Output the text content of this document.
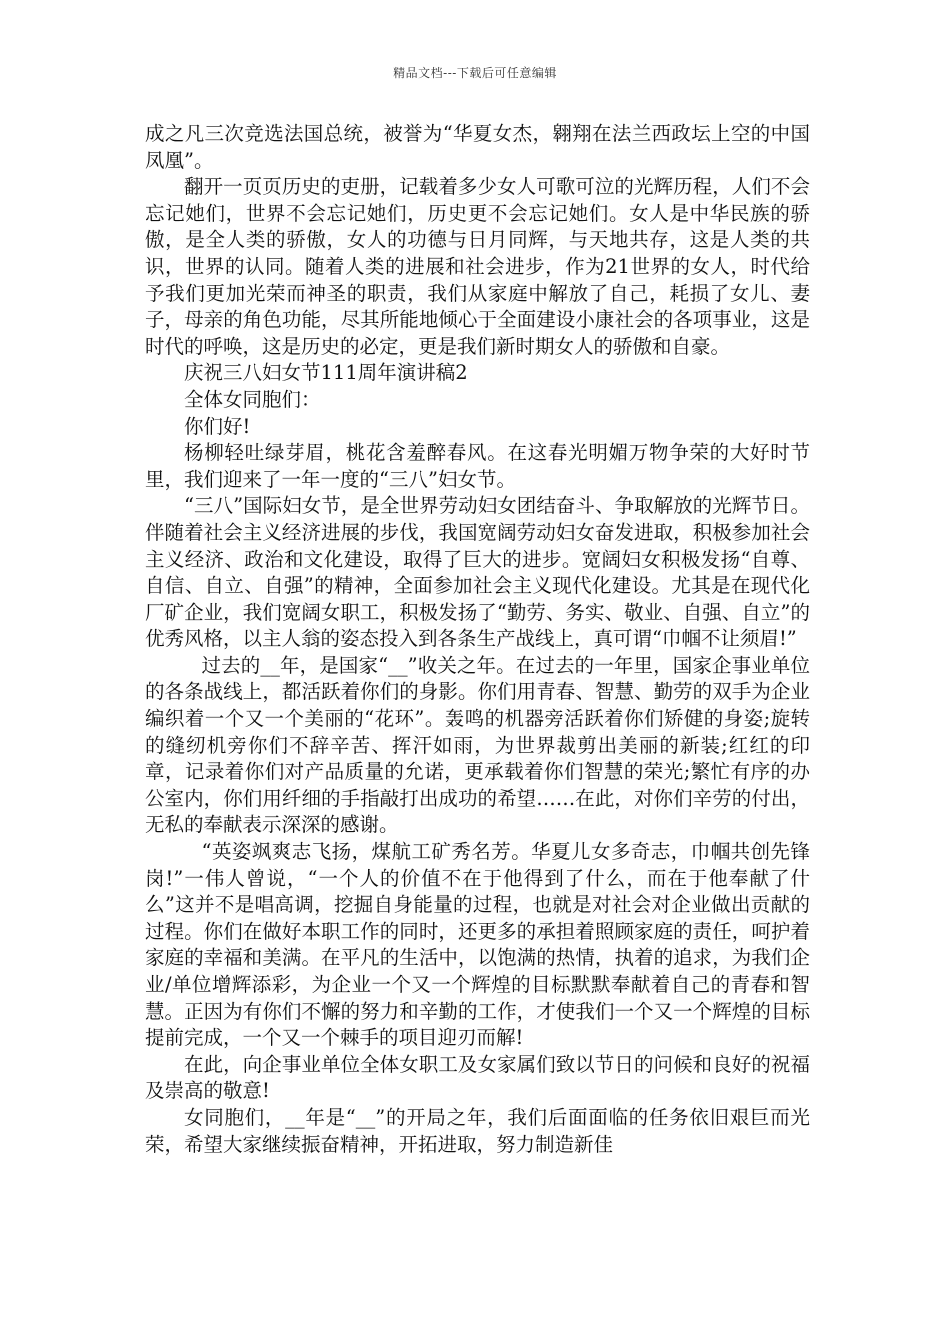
精品文档---下载后可任意编辑

成之凡三次竞选法国总统，被誉为“华夏女杰，翱翔在法兰西政坛上空的中国凤凰”。

翻开一页页历史的吏册，记载着多少女人可歌可泣的光辉历程，人们不会忘记她们，世界不会忘记她们，历史更不会忘记她们。女人是中华民族的骄傲，是全人类的骄傲，女人的功德与日月同辉，与天地共存，这是人类的共识，世界的认同。随着人类的进展和社会进步，作为21世界的女人，时代给予我们更加光荣而神圣的职责，我们从家庭中解放了自己，耗损了女儿、妻子，母亲的角色功能，尽其所能地倾心于全面建设小康社会的各项事业，这是时代的呼唤，这是历史的必定，更是我们新时期女人的骄傲和自豪。

庆祝三八妇女节111周年演讲稿2

全体女同胞们：

你们好!

杨柳轻吐绿芽眉，桃花含羞醉春风。在这春光明媚万物争荣的大好时节里，我们迎来了一年一度的“三八”妇女节。

“三八”国际妇女节，是全世界劳动妇女团结奋斗、争取解放的光辉节日。伴随着社会主义经济进展的步伐，我国宽阔劳动妇女奋发进取，积极参加社会主义经济、政治和文化建设，取得了巨大的进步。宽阔妇女积极发扬“自尊、自信、自立、自强”的精神，全面参加社会主义现代化建设。尤其是在现代化厂矿企业，我们宽阔女职工，积极发扬了“勤劳、务实、敬业、自强、自立”的优秀风格，以主人翁的姿态投入到各条生产战线上，真可谓“巾帼不让须眉!”

过去的__年，是国家“__”收关之年。在过去的一年里，国家企事业单位的各条战线上，都活跃着你们的身影。你们用青春、智慧、勤劳的双手为企业编织着一个又一个美丽的“花环”。轰鸣的机器旁活跃着你们矫健的身姿;旋转的缝纫机旁你们不辞辛苦、挥汗如雨，为世界裁剪出美丽的新装;红红的印章，记录着你们对产品质量的允诺，更承载着你们智慧的荣光;繁忙有序的办公室内，你们用纤细的手指敲打出成功的希望……在此，对你们辛劳的付出，无私的奉献表示深深的感谢。

“英姿飒爽志飞扬，煤航工矿秀名芳。华夏儿女多奇志，巾帼共创先锋岗!”一伟人曾说，“一个人的价值不在于他得到了什么，而在于他奉献了什么”这并不是唱高调，挖掘自身能量的过程，也就是对社会对企业做出贡献的过程。你们在做好本职工作的同时，还更多的承担着照顾家庭的责任，呵护着家庭的幸福和美满。在平凡的生活中，以饱满的热情，执着的追求，为我们企业/单位增辉添彩，为企业一个又一个辉煌的目标默默奉献着自己的青春和智慧。正因为有你们不懈的努力和辛勤的工作，才使我们一个又一个辉煌的目标提前完成，一个又一个棘手的项目迎刃而解!

在此，向企事业单位全体女职工及女家属们致以节日的问候和良好的祝福及崇高的敬意!

女同胞们，__年是“__”的开局之年，我们后面面临的任务依旧艰巨而光荣，希望大家继续振奋精神，开拓进取，努力制造新佳
